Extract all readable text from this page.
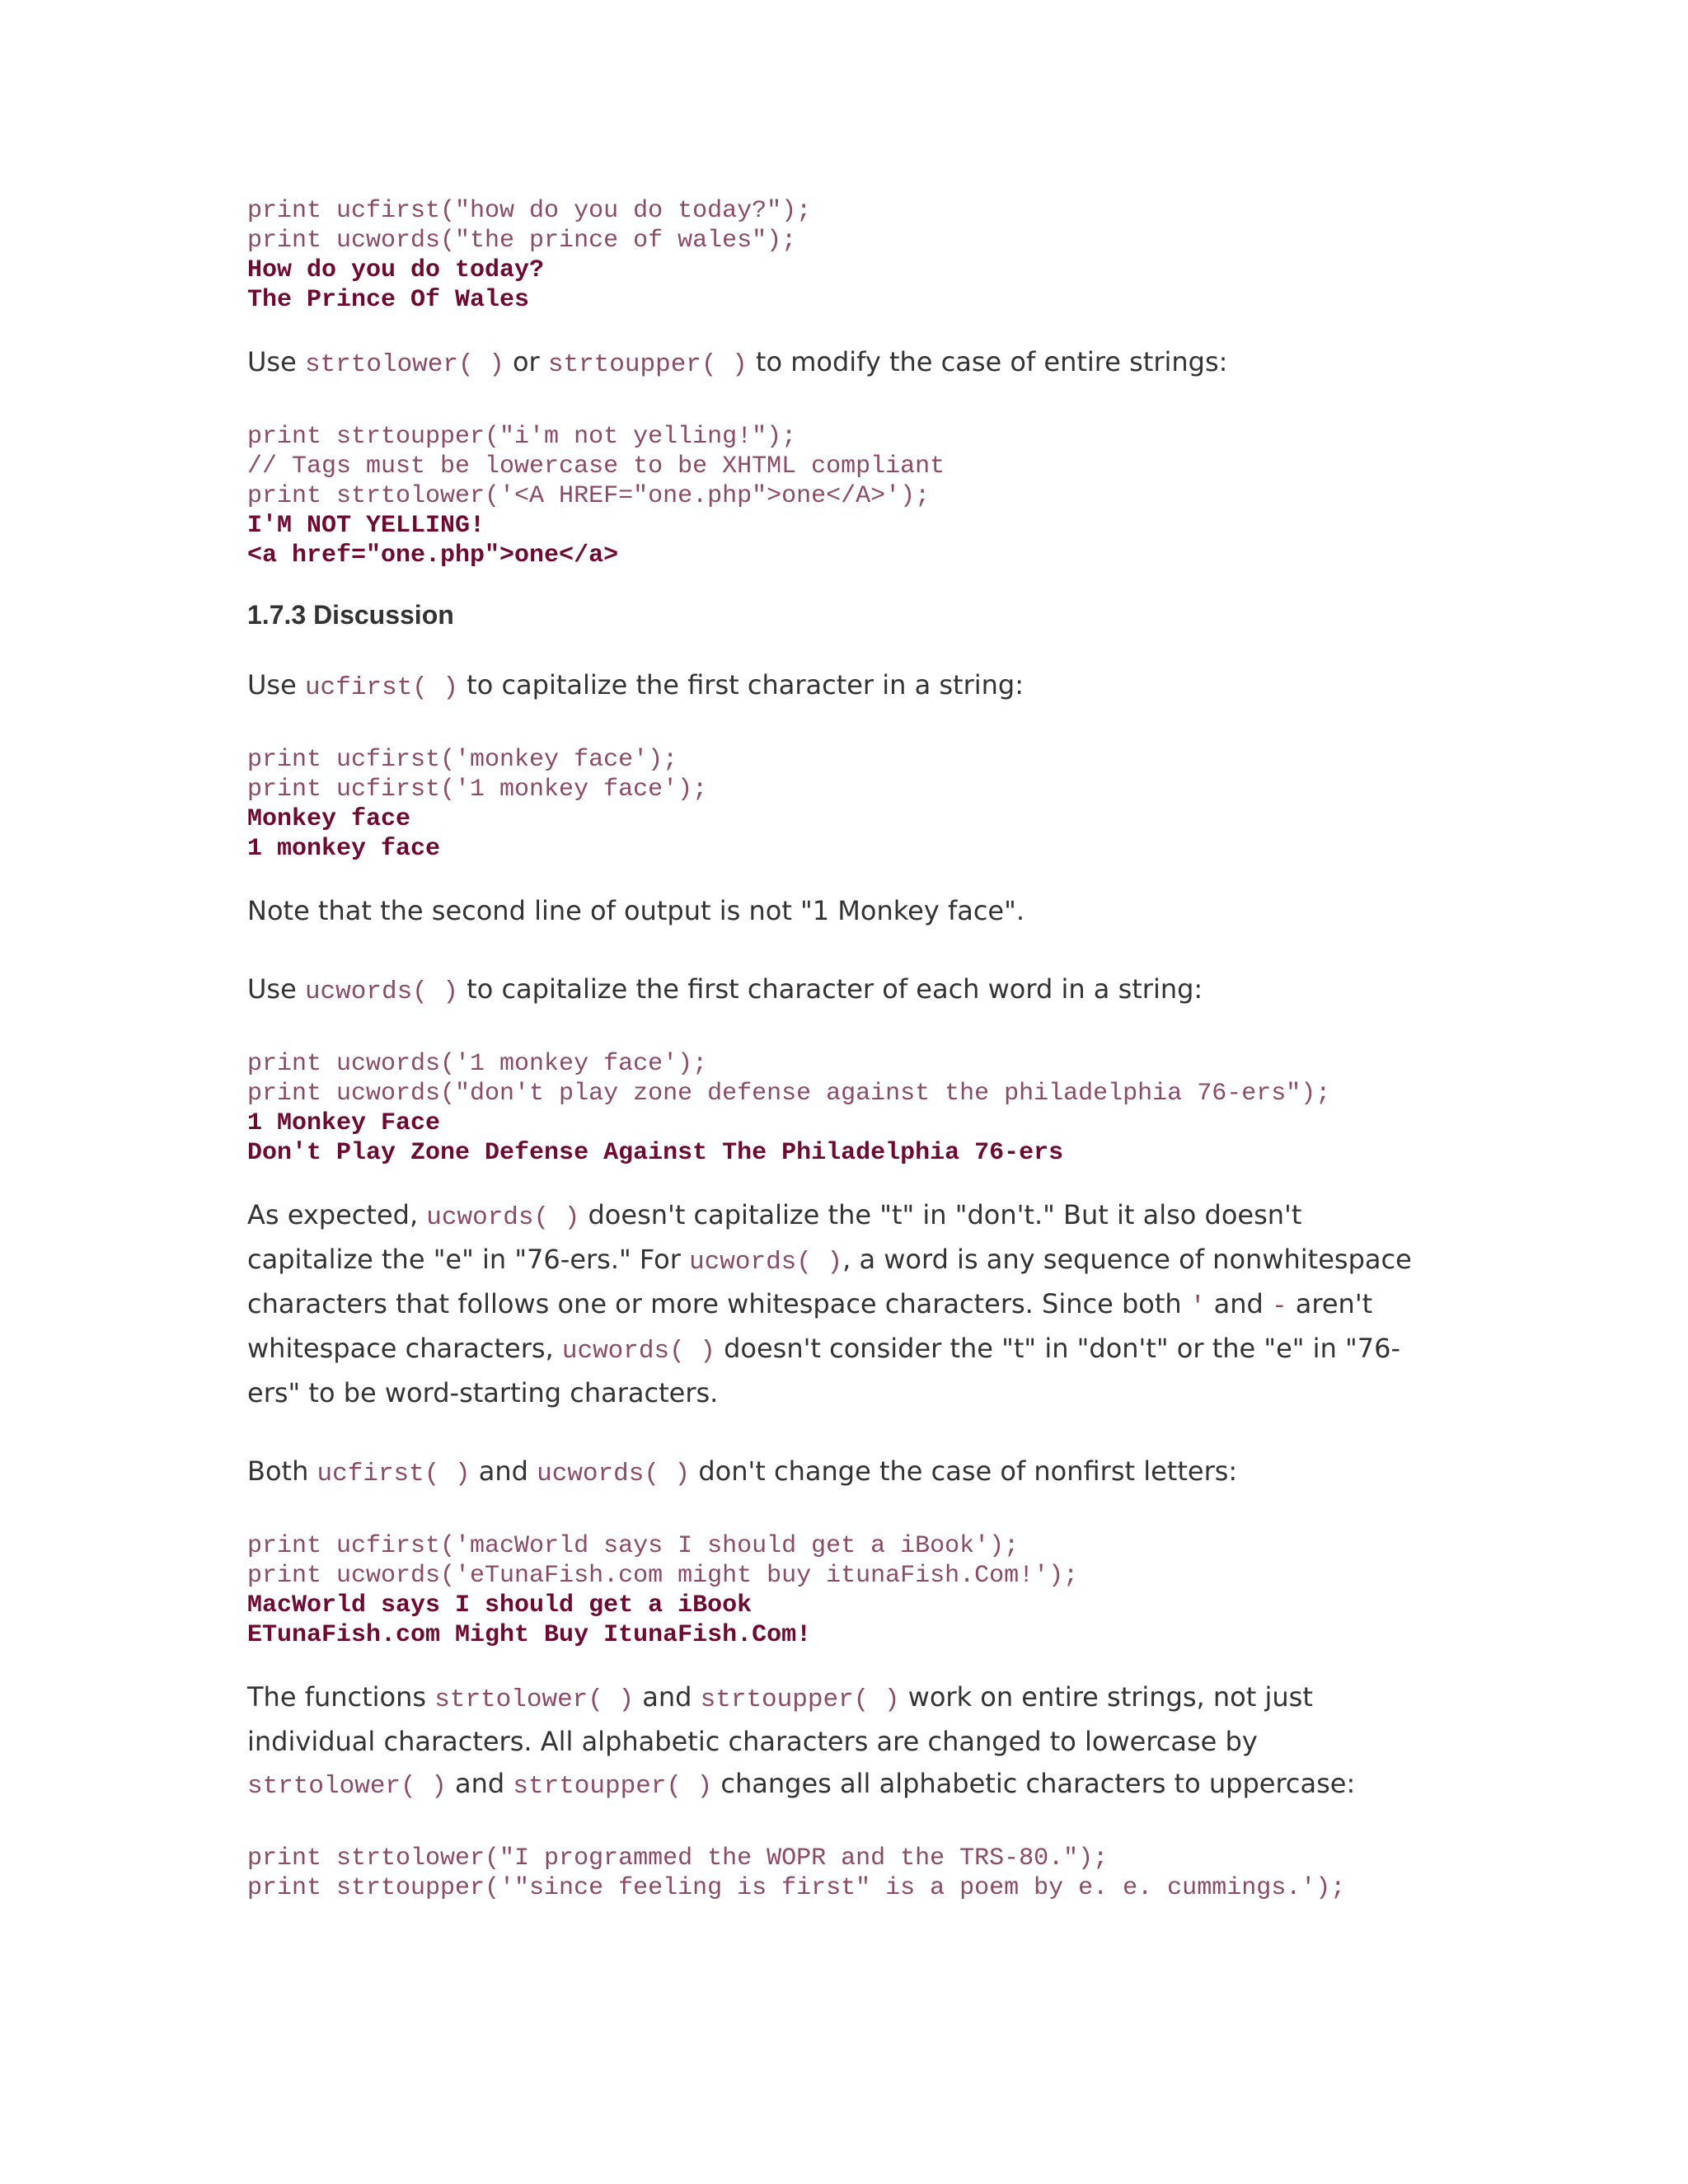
print ucfirst("how do you do today?");
print ucwords("the prince of wales");
How do you do today?
The Prince Of Wales

Use strtolower( ) or strtoupper( ) to modify the case of entire strings:

print strtoupper("i'm not yelling!");
// Tags must be lowercase to be XHTML compliant
print strtolower('<A HREF="one.php">one</A>');
I'M NOT YELLING!
<a href="one.php">one</a>
1.7.3 Discussion

Use ucfirst( ) to capitalize the first character in a string:

print ucfirst('monkey face');
print ucfirst('1 monkey face');
Monkey face
1 monkey face

Note that the second line of output is not "1 Monkey face".

Use ucwords( ) to capitalize the first character of each word in a string:

print ucwords('1 monkey face');
print ucwords("don't play zone defense against the philadelphia 76-ers");
1 Monkey Face
Don't Play Zone Defense Against The Philadelphia 76-ers

As expected, ucwords( ) doesn't capitalize the "t" in "don't." But it also doesn't capitalize the "e" in "76-ers." For ucwords( ), a word is any sequence of nonwhitespace characters that follows one or more whitespace characters. Since both ' and - aren't whitespace characters, ucwords( ) doesn't consider the "t" in "don't" or the "e" in "76-ers" to be word-starting characters.

Both ucfirst( ) and ucwords( ) don't change the case of nonfirst letters:

print ucfirst('macWorld says I should get a iBook');
print ucwords('eTunaFish.com might buy itunaFish.Com!');
MacWorld says I should get a iBook
ETunaFish.com Might Buy ItunaFish.Com!

The functions strtolower( ) and strtoupper( ) work on entire strings, not just individual characters. All alphabetic characters are changed to lowercase by strtolower( ) and strtoupper( ) changes all alphabetic characters to uppercase:

print strtolower("I programmed the WOPR and the TRS-80.");
print strtoupper('"since feeling is first" is a poem by e. e. cummings.');
